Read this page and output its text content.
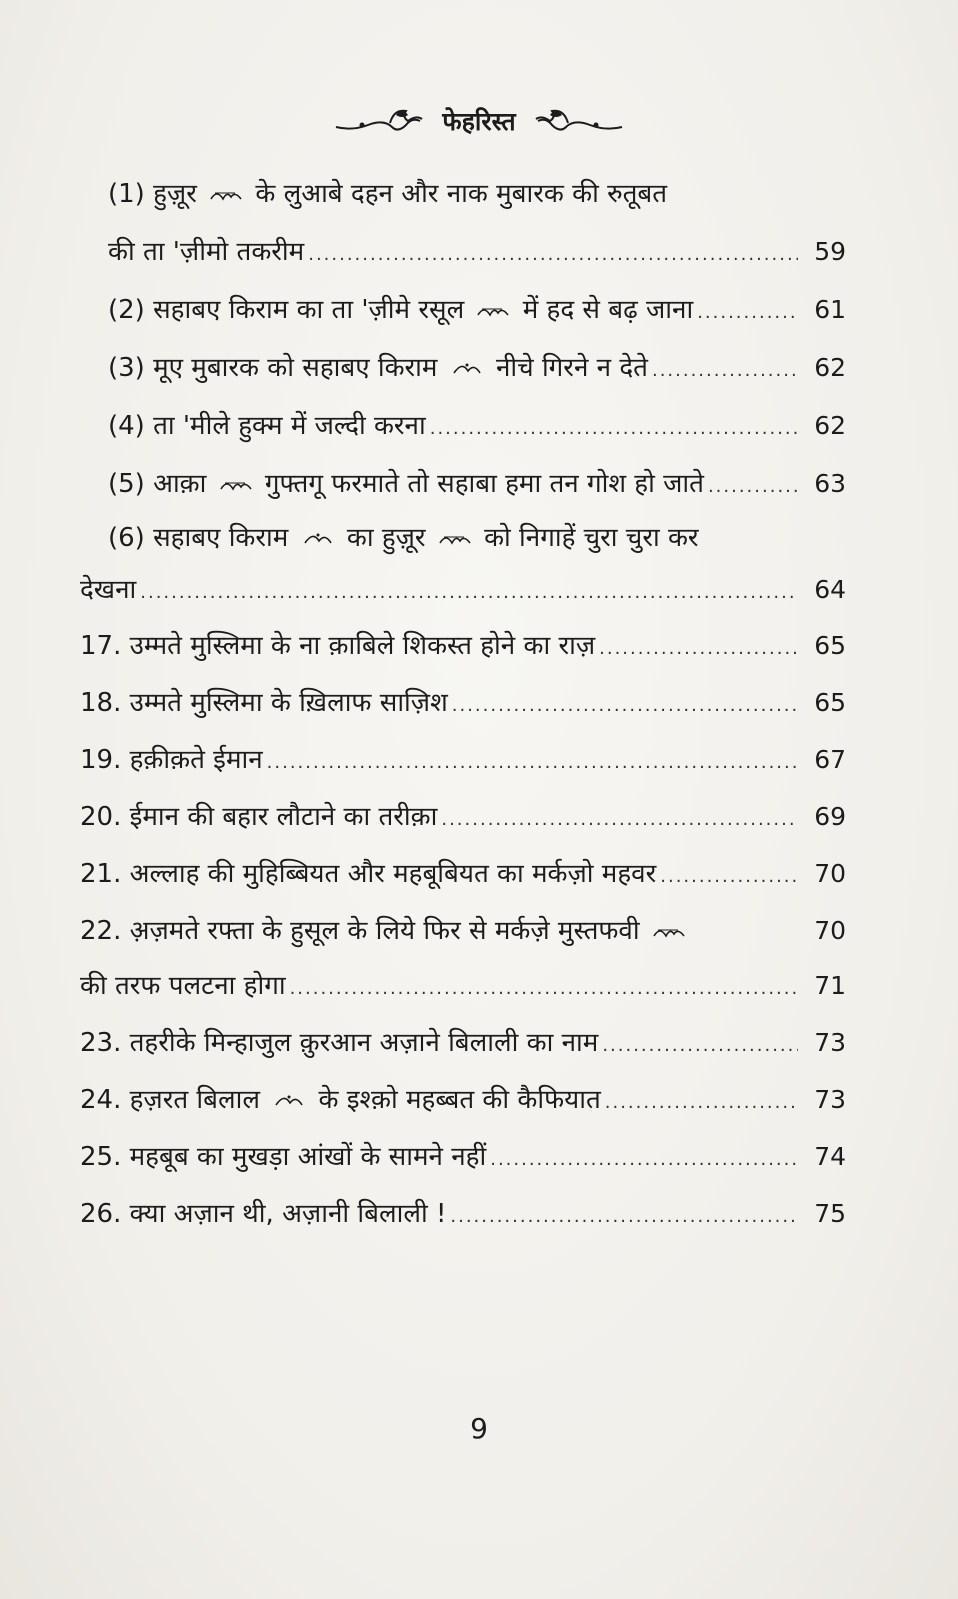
फेहरिस्त
(1) हुज़ूर के लुआबे दहन और नाक मुबारक की रुतूबत
की ता 'ज़ीमो तकरीम .....	59
(2) सहाबए किराम का ता 'ज़ीमे रसूल में हद से बढ़ जाना .....	61
(3) मूए मुबारक को सहाबए किराम नीचे गिरने न देते .....	62
(4) ता 'मीले हुक्म में जल्दी करना .....	62
(5) आक़ा गुफ्तगू फरमाते तो सहाबा हमा तन गोश हो जाते .....	63
(6) सहाबए किराम का हुज़ूर को निगाहें चुरा चुरा कर
देखना .....	64
17. उम्मते मुस्लिमा के ना क़ाबिले शिकस्त होने का राज़ .....	65
18. उम्मते मुस्लिमा के ख़िलाफ साज़िश .....	65
19. हक़ीक़ते ईमान .....	67
20. ईमान की बहार लौटाने का तरीक़ा .....	69
21. अल्लाह की मुहिब्बियत और महबूबियत का मर्कज़ो महवर .....	70
22. अ़ज़मते रफ्ता के हुसूल के लिये फिर से मर्कज़े मुस्तफवी	70
की तरफ पलटना होगा .....	71
23. तहरीके मिन्हाजुल क़ुरआन अज़ाने बिलाली का नाम .....	73
24. हज़रत बिलाल के इश्क़ो महब्बत की कैफियात .....	73
25. महबूब का मुखड़ा आंखों के सामने नहीं .....	74
26. क्या अज़ान थी, अज़ानी बिलाली ! .....	75
9
